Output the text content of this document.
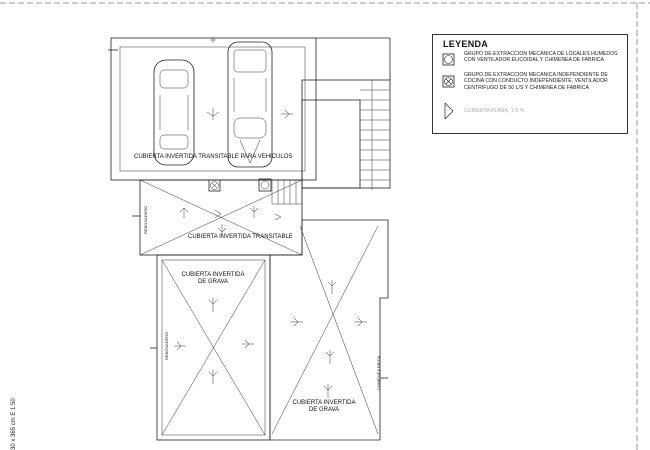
CUBIERTA INVERTIDA TRANSITABLE PARA VEHICULOS
CUBIERTA INVERTIDA TRANSITABLE
CUBIERTA INVERTIDA DE GRAVA
CUBIERTA INVERTIDA DE GRAVA
REBOSADERO
REBOSADERO
CHIMENEA BRIDA
LEYENDA
GRUPO DE EXTRACCION MECANICA DE LOCALES HUMEDOS CON VENTILADOR ELICOIDAL Y CHIMENEA DE FABRICA
GRUPO DE EXTRACCION MECANICA INDEPENDIENTE DE COCINA CON CONDUCTO INDEPENDIENTE, VENTILADOR CENTRIFUGO DE 50 L/S Y CHIMENEA DE FABRICA
CUBIERTA PLANA, 1-5 %
30 x 365 cm E 1:50
